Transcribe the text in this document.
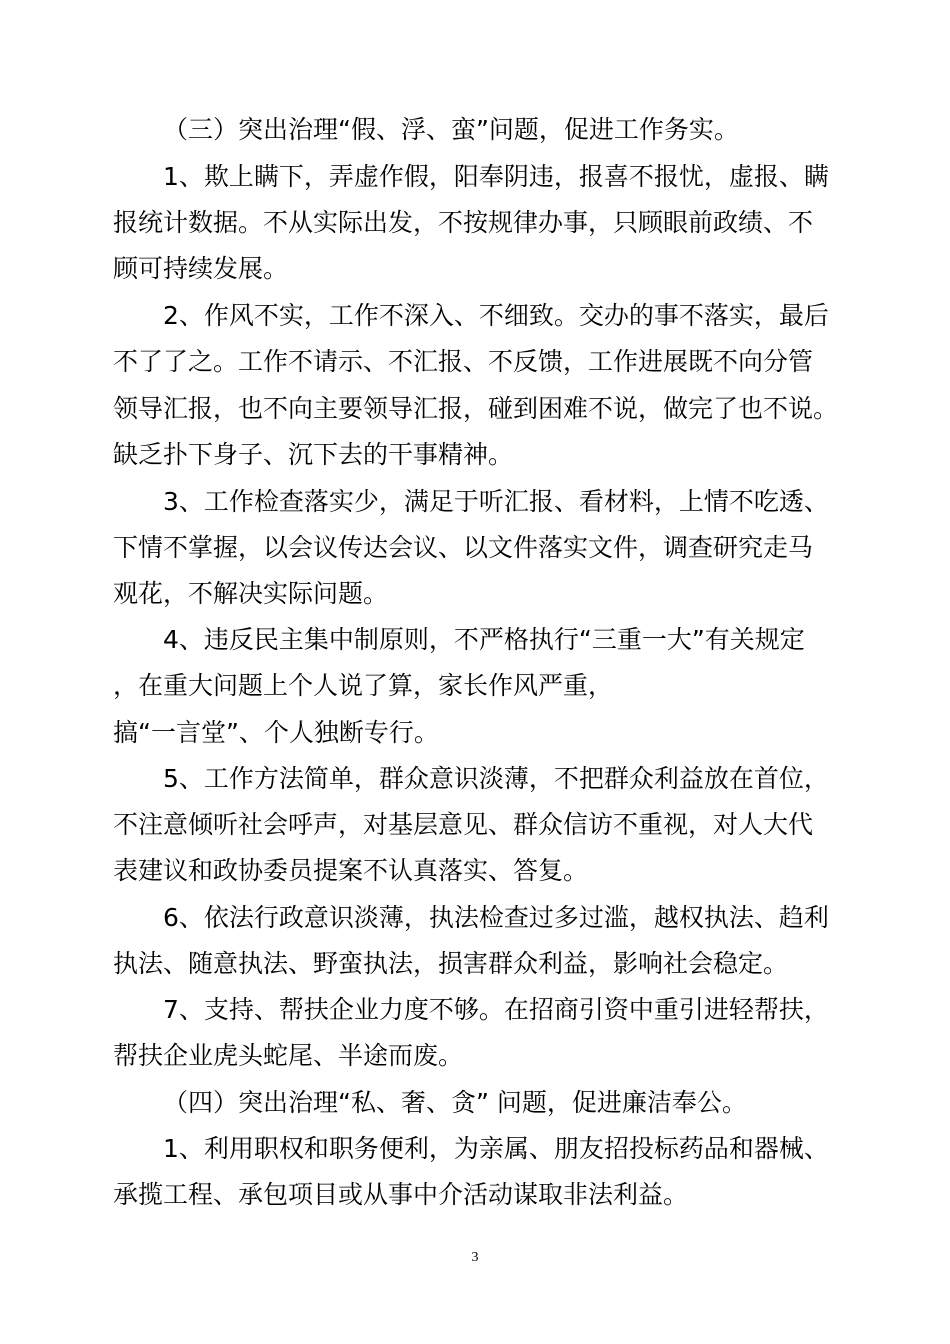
（三）突出治理“假、浮、蛮”问题，促进工作务实。

1、欺上瞒下，弄虚作假，阳奉阴违，报喜不报忧，虚报、瞒

报统计数据。不从实际出发，不按规律办事，只顾眼前政绩、不

顾可持续发展。

2、作风不实，工作不深入、不细致。交办的事不落实，最后

不了了之。工作不请示、不汇报、不反馈，工作进展既不向分管

领导汇报，也不向主要领导汇报，碰到困难不说，做完了也不说。

缺乏扑下身子、沉下去的干事精神。

3、工作检查落实少，满足于听汇报、看材料，上情不吃透、

下情不掌握，以会议传达会议、以文件落实文件，调查研究走马

观花，不解决实际问题。

4、违反民主集中制原则，不严格执行“三重一大”有关规定

，在重大问题上个人说了算，家长作风严重，

搞“一言堂”、个人独断专行。

5、工作方法简单，群众意识淡薄，不把群众利益放在首位，

不注意倾听社会呼声，对基层意见、群众信访不重视，对人大代

表建议和政协委员提案不认真落实、答复。

6、依法行政意识淡薄，执法检查过多过滥，越权执法、趋利

执法、随意执法、野蛮执法，损害群众利益，影响社会稳定。

7、支持、帮扶企业力度不够。在招商引资中重引进轻帮扶，

帮扶企业虎头蛇尾、半途而废。

（四）突出治理“私、奢、贪” 问题，促进廉洁奉公。

1、利用职权和职务便利，为亲属、朋友招投标药品和器械、

承揽工程、承包项目或从事中介活动谋取非法利益。

3
